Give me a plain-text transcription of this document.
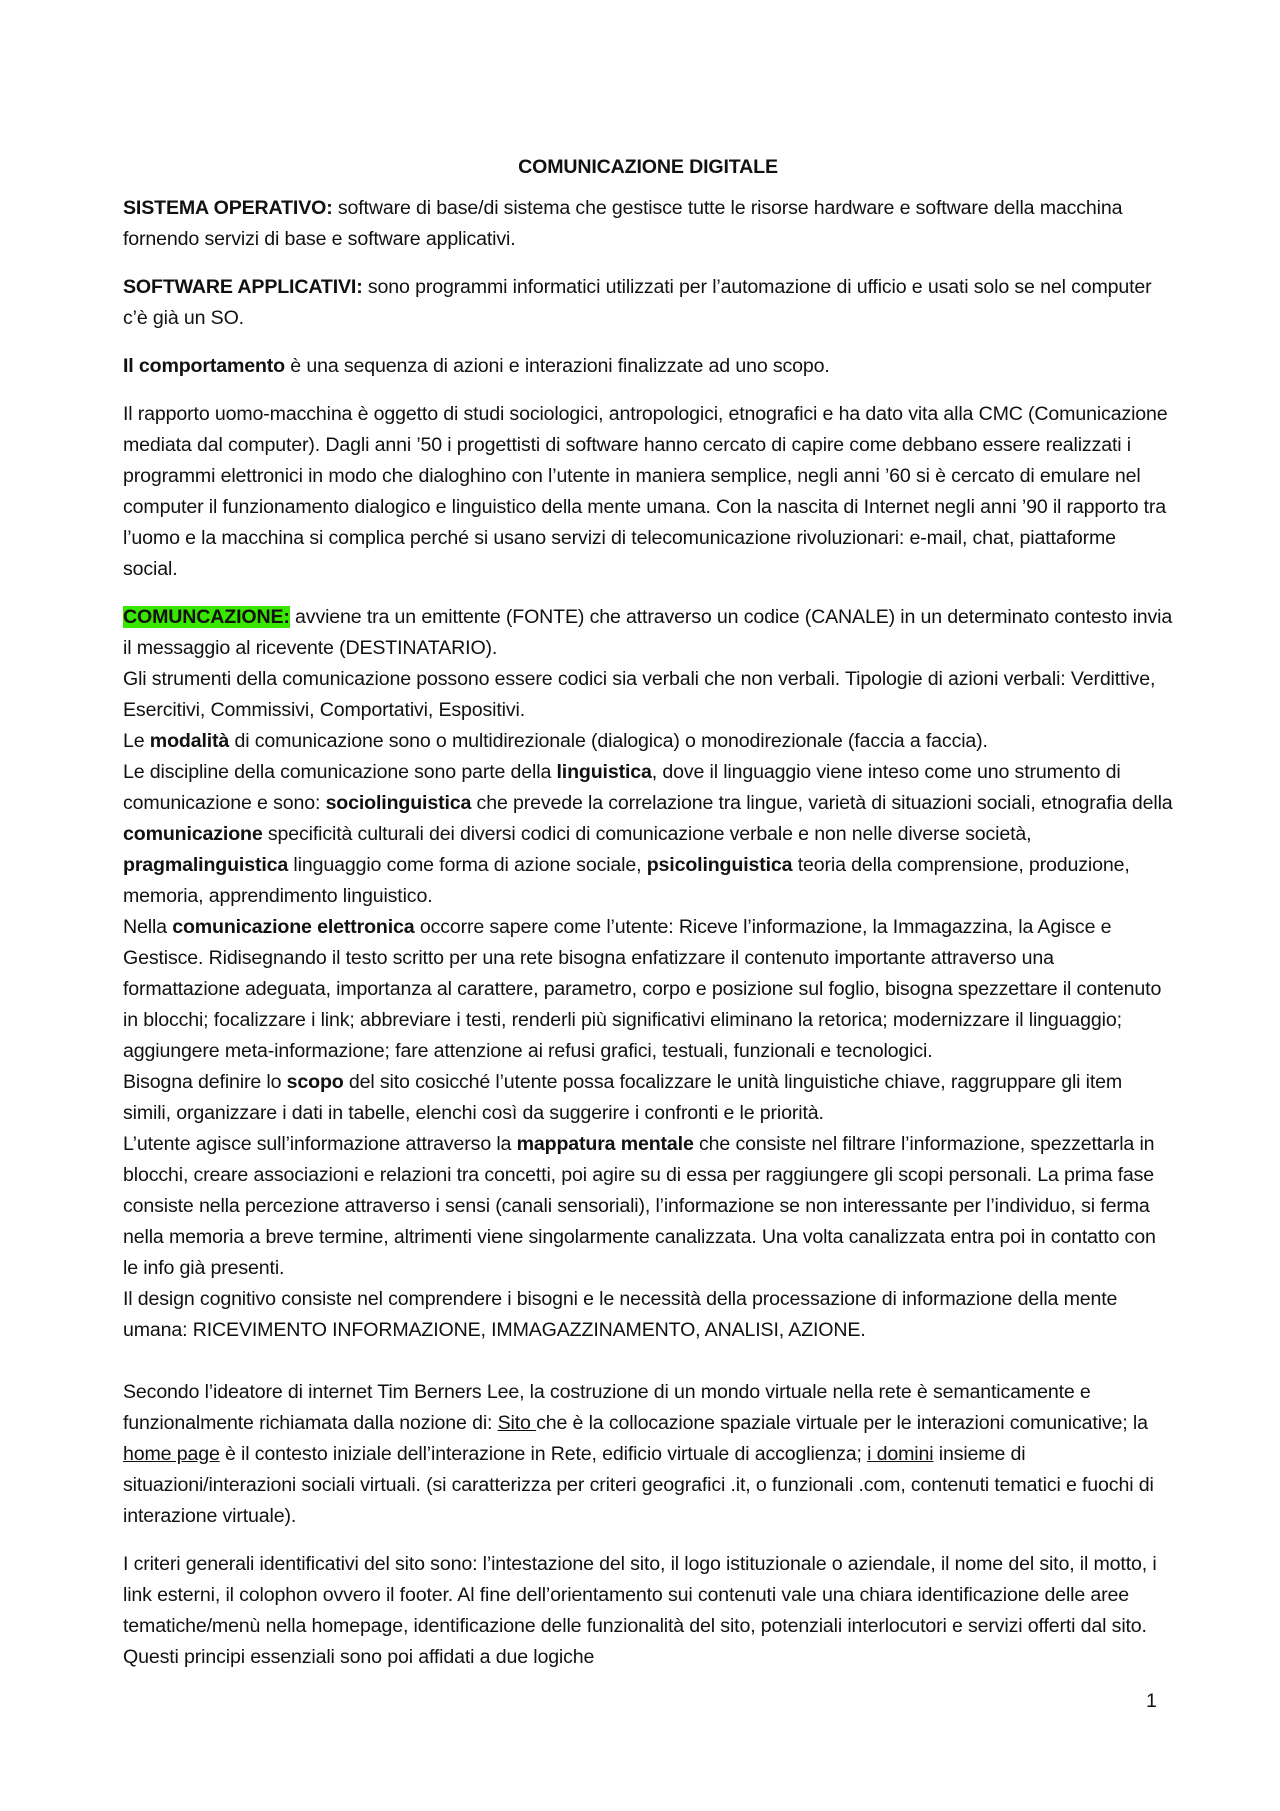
COMUNICAZIONE DIGITALE

SISTEMA OPERATIVO: software di base/di sistema che gestisce tutte le risorse hardware e software della macchina fornendo servizi di base e software applicativi.

SOFTWARE APPLICATIVI: sono programmi informatici utilizzati per l’automazione di ufficio e usati solo se nel computer c’è già un SO.

Il comportamento è una sequenza di azioni e interazioni finalizzate ad uno scopo.

Il rapporto uomo-macchina è oggetto di studi sociologici, antropologici, etnografici e ha dato vita alla CMC (Comunicazione mediata dal computer). Dagli anni ’50 i progettisti di software hanno cercato di capire come debbano essere realizzati i programmi elettronici in modo che dialoghino con l’utente in maniera semplice, negli anni ’60 si è cercato di emulare nel computer il funzionamento dialogico e linguistico della mente umana. Con la nascita di Internet negli anni ’90 il rapporto tra l’uomo e la macchina si complica perché si usano servizi di telecomunicazione rivoluzionari: e-mail, chat, piattaforme social.

COMUNCAZIONE: avviene tra un emittente (FONTE) che attraverso un codice (CANALE) in un determinato contesto invia il messaggio al ricevente (DESTINATARIO).

Gli strumenti della comunicazione possono essere codici sia verbali che non verbali. Tipologie di azioni verbali: Verdittive, Esercitivi, Commissivi, Comportativi, Espositivi.

Le modalità di comunicazione sono o multidirezionale (dialogica) o monodirezionale (faccia a faccia).

Le discipline della comunicazione sono parte della linguistica, dove il linguaggio viene inteso come uno strumento di comunicazione e sono: sociolinguistica che prevede la correlazione tra lingue, varietà di situazioni sociali, etnografia della comunicazione specificità culturali dei diversi codici di comunicazione verbale e non nelle diverse società, pragmalinguistica linguaggio come forma di azione sociale, psicolinguistica teoria della comprensione, produzione, memoria, apprendimento linguistico.

Nella comunicazione elettronica occorre sapere come l’utente: Riceve l’informazione, la Immagazzina, la Agisce e Gestisce. Ridisegnando il testo scritto per una rete bisogna enfatizzare il contenuto importante attraverso una formattazione adeguata, importanza al carattere, parametro, corpo e posizione sul foglio, bisogna spezzettare il contenuto in blocchi; focalizzare i link; abbreviare i testi, renderli più significativi eliminano la retorica; modernizzare il linguaggio; aggiungere meta-informazione; fare attenzione ai refusi grafici, testuali, funzionali e tecnologici.

Bisogna definire lo scopo del sito cosicché l’utente possa focalizzare le unità linguistiche chiave, raggruppare gli item simili, organizzare i dati in tabelle, elenchi così da suggerire i confronti e le priorità.

L’utente agisce sull’informazione attraverso la mappatura mentale che consiste nel filtrare l’informazione, spezzettarla in blocchi, creare associazioni e relazioni tra concetti, poi agire su di essa per raggiungere gli scopi personali. La prima fase consiste nella percezione attraverso i sensi (canali sensoriali), l’informazione se non interessante per l’individuo, si ferma nella memoria a breve termine, altrimenti viene singolarmente canalizzata. Una volta canalizzata entra poi in contatto con le info già presenti.

Il design cognitivo consiste nel comprendere i bisogni e le necessità della processazione di informazione della mente umana: RICEVIMENTO INFORMAZIONE, IMMAGAZZINAMENTO, ANALISI, AZIONE.

Secondo l’ideatore di internet Tim Berners Lee, la costruzione di un mondo virtuale nella rete è semanticamente e funzionalmente richiamata dalla nozione di: Sito che è la collocazione spaziale virtuale per le interazioni comunicative; la home page è il contesto iniziale dell’interazione in Rete, edificio virtuale di accoglienza; i domini insieme di situazioni/interazioni sociali virtuali. (si caratterizza per criteri geografici .it, o funzionali .com, contenuti tematici e fuochi di interazione virtuale).

I criteri generali identificativi del sito sono: l’intestazione del sito, il logo istituzionale o aziendale, il nome del sito, il motto, i link esterni, il colophon ovvero il footer. Al fine dell’orientamento sui contenuti vale una chiara identificazione delle aree tematiche/menù nella homepage, identificazione delle funzionalità del sito, potenziali interlocutori e servizi offerti dal sito. Questi principi essenziali sono poi affidati a due logiche

1
